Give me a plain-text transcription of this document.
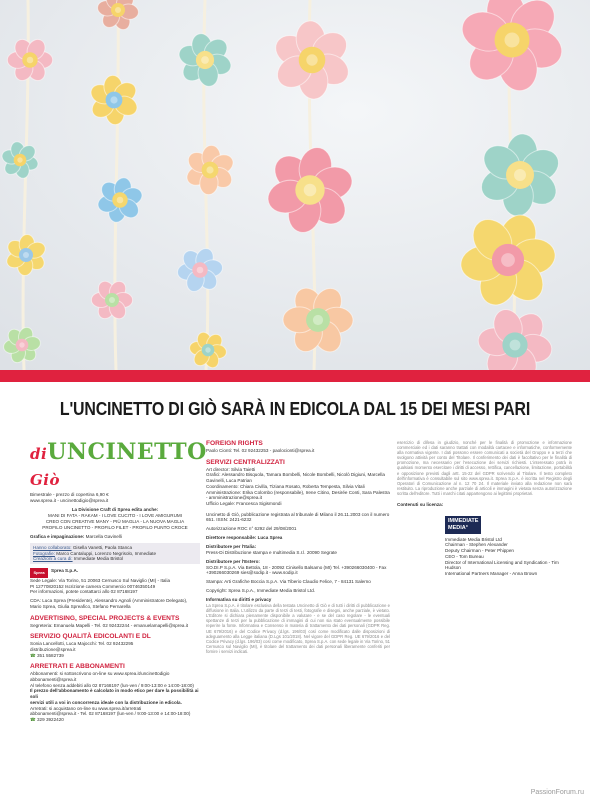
L'UNCINETTO DI GIÒ SARÀ IN EDICOLA DAL 15 DEI MESI PARI
diUNCINETTO Giò
Bimestrale - prezzo di copertina 6,90 €
www.sprea.it - uncinettodigio@sprea.it
La Divisione Craft di Sprea edita anche:
MANI DI FATA - RAKAM - I LOVE CUCITO - I LOVE AMIGURUMI
CREO CON CREATIVE MANY - PIÙ MAGLIA - LA NUOVA MAGLIA
PROFILO UNCINETTO - PROFILO FILET - PROFILO PUNTO CROCE
Grafica e impaginazione: Marcella Gavinelli
Hanno collaborato: Gisella Vanetti, Paola Stanca
Fotografie: Marco Cantaluppi, Lorenzo Negrisolo, Immediate
Creazioni a cura di: Immediate Media Bristol
Sprea Sprea S.p.A.
Sede Legale: Via Torino, 51 20063 Cernusco Sul Naviglio (MI) - Italia
PI 12770820152 Iscrizione camera Commercio 00746350149
Per informazioni, potete contattarci allo 02 87168197
CDA: Luca Sprea (Presidente), Alessandro Agnoli (Amministratore Delegato), Mario Sprea, Giulia Spreafico, Stefano Pernarella
ADVERTISING, SPECIAL PROJECTS & EVENTS
Segreteria: Emanuela Mapelli - Tel. 02 92432244 - emanuelamapelli@sprea.it
SERVIZIO QUALITÀ EDICOLANTI E DL
Sonia Lancellotti, Luca Majocchi: Tel. 02 92432295
distribuzione@sprea.it
☎ 351 5582739
ARRETRATI E ABBONAMENTI
Abbonamenti: si sottoscrivono on-line su www.sprea.it/uncinettodigio
abbonamenti@sprea.it
Al telefono senza addebiti allo 02 87168197 (lun-ven / 9:00-13:00 e 14:00-18:00)
Il prezzo dell'abbonamento è calcolato in modo etico per dare la possibilità ai soli
servizi utili a voi in concorrenza ideale con la distribuzione in edicola.
Arretrati: si acquistano on-line su www.sprea.it/arretrati
abbonamenti@sprea.it - Tel. 02 87168197 (lun-ven / 9:00-13:00 e 14:00-18:00)
☎ 329 3922420
FOREIGN RIGHTS
Paolo Cionti: Tel. 02 92432253 - paolocionti@sprea.it
SERVIZI CENTRALIZZATI
Art director: Silvia Taietti
Grafici: Alessandro Bisquola, Tamara Bombelli, Nicole Bombelli, Nicolò Digiuni, Marcella Gavinelli, Luca Patrian
Coordinamento: Chiara Civilla, Tiziana Rosato, Roberta Tempesta, Silvia Vitali
Amministrazione: Erika Colombo (responsabile), Irene Citino, Desirée Conti, Sara Palestra - amministrazione@sprea.it
Ufficio Legale: Francesca Sigismondi
Uncinetto di Giò, pubblicazione registrata al tribunale di Milano il 26.11.2003 con il numero 651. ISSN: 2421-6232
Autorizzazione ROC n° 6292 del 29/08/2001
Direttore responsabile: Luca Sprea
Distributore per l'Italia:
Press-Di Distribuzione stampa e multimedia S.r.l. 20090 Segrate
Distributore per l'Estero:
SO.DI.P S.p.A. Via Bettola, 18 - 20092 Cinisello Balsamo (MI) Tel. +390266030400 - Fax +390266030269 sies@sodip.it - www.sodip.it
Stampa: Arti Grafiche Boccia S.p.A. Via Tiberio Claudio Felice, 7 - 84131 Salerno
Copyright: Sprea S.p.A., Immediate Media Bristol Ltd.
Informativa su diritti e privacy
La Sprea S.p.A. è titolare esclusiva della testata Uncinetto di Giò e di tutti i diritti di pubblicazione e diffusione in Italia. L'utilizzo da parte di terzi di testi, fotografie e disegni, anche parziale, è vietato. L'Editore si dichiara pienamente disponibile a valutare - e se del caso regolare - le eventuali spettanze di terzi per la pubblicazione di immagini di cui non sia stato eventualmente possibile reperire la fonte. Informativa e Consenso in materia di trattamento dei dati personali (GDPR Reg. UE 679/2016) e del Codice Privacy (d.lgs. 196/03) così come modificato dalle disposizioni di adeguamento alla Legge italiana (D.Lgs 101/2018). Nel vigore del GDPR Reg. UE 679/2016 e del Codice Privacy (d.lgs. 196/03) così come modificato, Sprea S.p.A. con sede legale in Via Torino, 51 Cernusco sul Naviglio (MI), è titolare del trattamento dei dati personali liberamente conferiti per fornire i servizi indicati.
esercizio di difesa in giudizio, nonché per le finalità di promozione e informazione commerciale ed i dati saranno trattati con modalità cartacee e informatiche, conformemente alla normativa vigente. I dati possono essere comunicati a società del Gruppo e a terzi che svolgono attività per conto del Titolare. Il conferimento dei dati è facoltativo per le finalità di promozione, ma necessario per l'esecuzione dei servizi richiesti. L'interessato potrà in qualsiasi momento esercitare i diritti di accesso, rettifica, cancellazione, limitazione, portabilità e opposizione previsti dagli artt. 15-22 del GDPR scrivendo al Titolare. Il testo completo dell'informativa è consultabile sul sito www.sprea.it. Sprea S.p.A. è iscritta nel Registro degli Operatori di Comunicazione al n. 12 70 24. Il materiale inviato alla redazione non sarà restituito. La riproduzione anche parziale di articoli e immagini è vietata senza autorizzazione scritta dell'editore. Tutti i marchi citati appartengono ai legittimi proprietari.
Contenuti su licenza:
IMMEDIATE
MEDIA°
Immediate Media Bristol Ltd
Chairman - Stephen Alexander
Deputy Chairman - Peter Phippen
CEO - Tom Bureau
Director of International Licensing and Syndication - Tim Hudson
International Partners Manager - Anna Brown
PassionForum.ru
